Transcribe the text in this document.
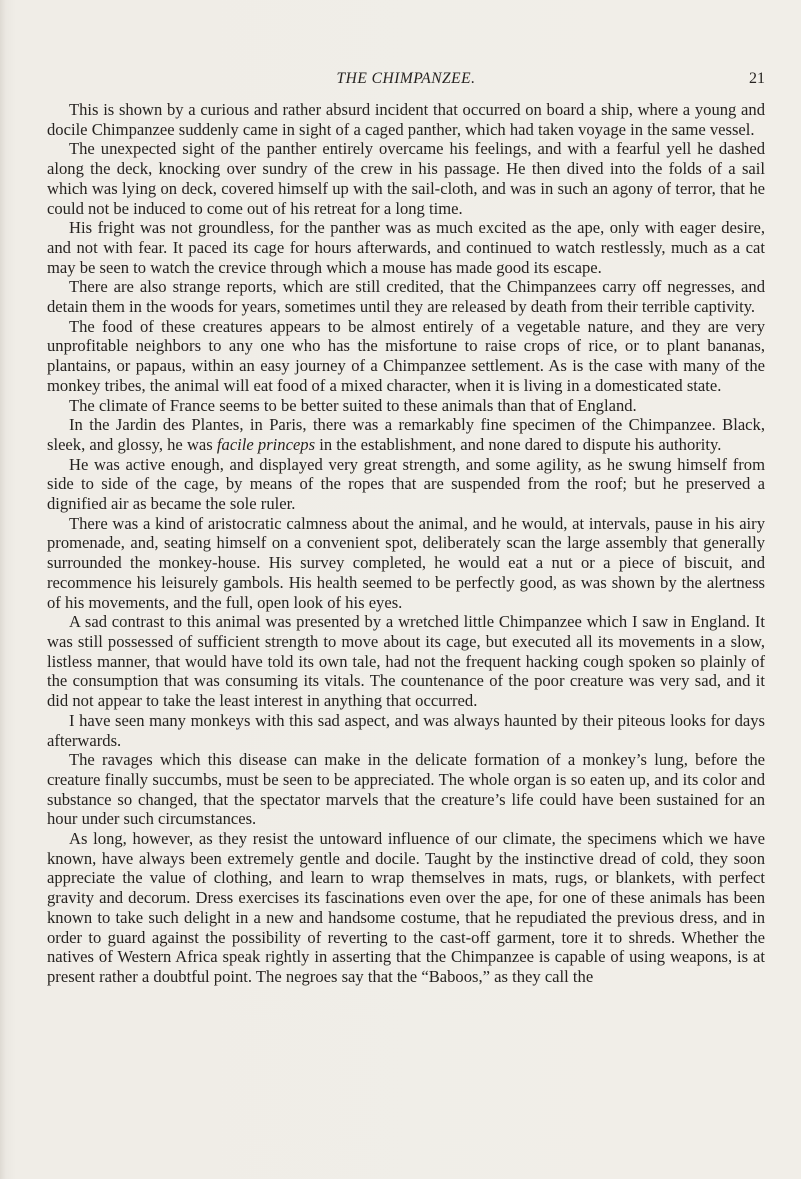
THE CHIMPANZEE.	21

This is shown by a curious and rather absurd incident that occurred on board a ship, where a young and docile Chimpanzee suddenly came in sight of a caged panther, which had taken voyage in the same vessel.

The unexpected sight of the panther entirely overcame his feelings, and with a fearful yell he dashed along the deck, knocking over sundry of the crew in his passage. He then dived into the folds of a sail which was lying on deck, covered himself up with the sail-cloth, and was in such an agony of terror, that he could not be induced to come out of his retreat for a long time.

His fright was not groundless, for the panther was as much excited as the ape, only with eager desire, and not with fear. It paced its cage for hours afterwards, and continued to watch restlessly, much as a cat may be seen to watch the crevice through which a mouse has made good its escape.

There are also strange reports, which are still credited, that the Chimpanzees carry off negresses, and detain them in the woods for years, sometimes until they are released by death from their terrible captivity.

The food of these creatures appears to be almost entirely of a vegetable nature, and they are very unprofitable neighbors to any one who has the misfortune to raise crops of rice, or to plant bananas, plantains, or papaus, within an easy journey of a Chimpanzee settlement. As is the case with many of the monkey tribes, the animal will eat food of a mixed character, when it is living in a domesticated state.

The climate of France seems to be better suited to these animals than that of England.

In the Jardin des Plantes, in Paris, there was a remarkably fine specimen of the Chimpanzee. Black, sleek, and glossy, he was facile princeps in the establishment, and none dared to dispute his authority.

He was active enough, and displayed very great strength, and some agility, as he swung himself from side to side of the cage, by means of the ropes that are suspended from the roof; but he preserved a dignified air as became the sole ruler.

There was a kind of aristocratic calmness about the animal, and he would, at intervals, pause in his airy promenade, and, seating himself on a convenient spot, deliberately scan the large assembly that generally surrounded the monkey-house. His survey completed, he would eat a nut or a piece of biscuit, and recommence his leisurely gambols. His health seemed to be perfectly good, as was shown by the alertness of his movements, and the full, open look of his eyes.

A sad contrast to this animal was presented by a wretched little Chimpanzee which I saw in England. It was still possessed of sufficient strength to move about its cage, but executed all its movements in a slow, listless manner, that would have told its own tale, had not the frequent hacking cough spoken so plainly of the consumption that was consuming its vitals. The countenance of the poor creature was very sad, and it did not appear to take the least interest in anything that occurred.

I have seen many monkeys with this sad aspect, and was always haunted by their piteous looks for days afterwards.

The ravages which this disease can make in the delicate formation of a monkey’s lung, before the creature finally succumbs, must be seen to be appreciated. The whole organ is so eaten up, and its color and substance so changed, that the spectator marvels that the creature’s life could have been sustained for an hour under such circumstances.

As long, however, as they resist the untoward influence of our climate, the specimens which we have known, have always been extremely gentle and docile. Taught by the instinctive dread of cold, they soon appreciate the value of clothing, and learn to wrap themselves in mats, rugs, or blankets, with perfect gravity and decorum. Dress exercises its fascinations even over the ape, for one of these animals has been known to take such delight in a new and handsome costume, that he repudiated the previous dress, and in order to guard against the possibility of reverting to the cast-off garment, tore it to shreds. Whether the natives of Western Africa speak rightly in asserting that the Chimpanzee is capable of using weapons, is at present rather a doubtful point. The negroes say that the “Baboos,” as they call the
